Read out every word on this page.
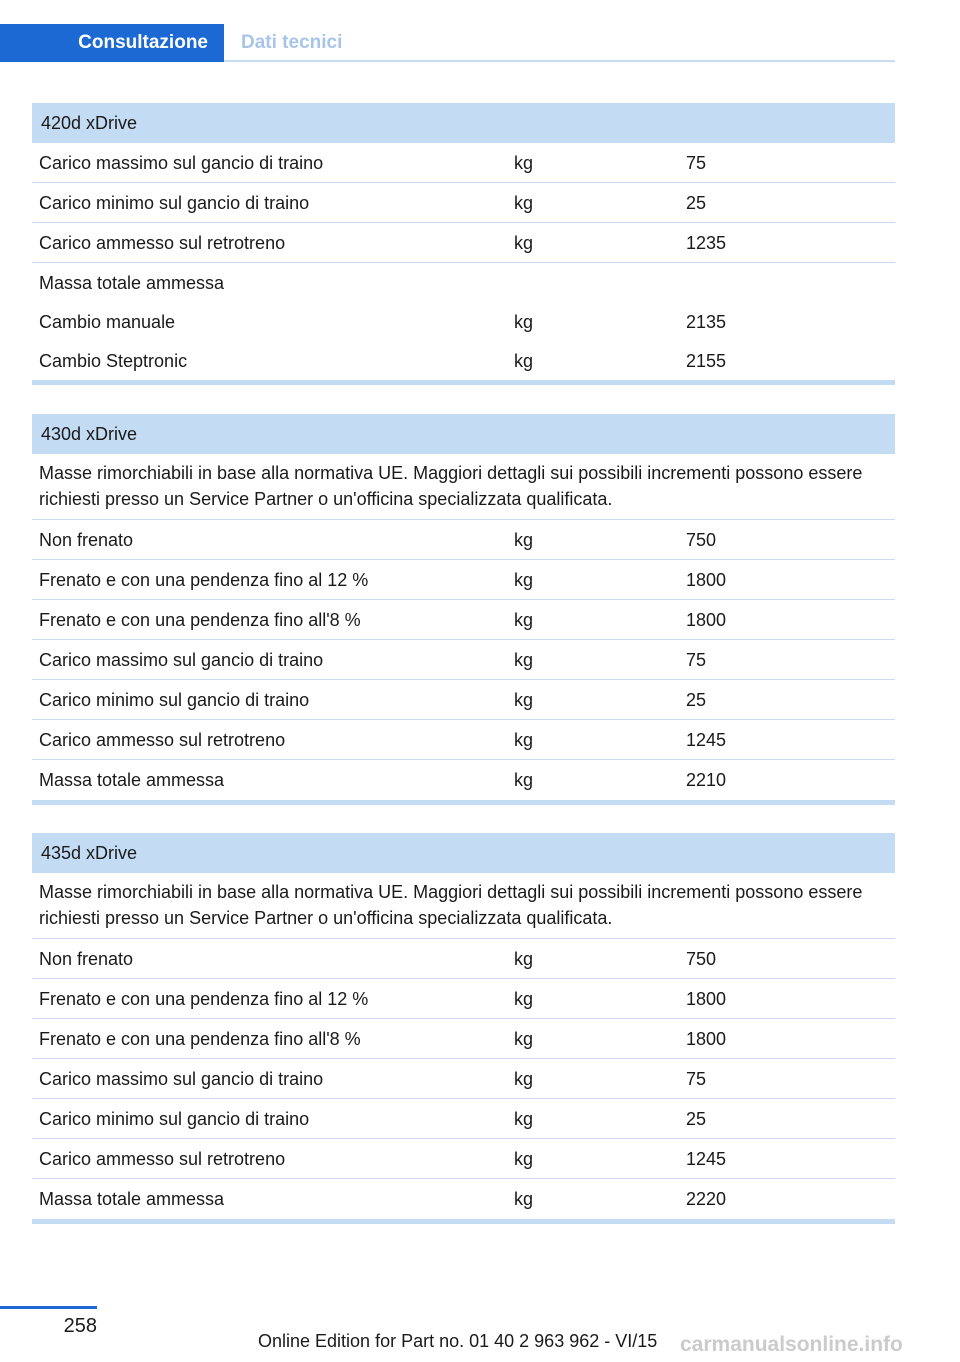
Consultazione	Dati tecnici
420d xDrive
Carico massimo sul gancio di traino	kg	75
Carico minimo sul gancio di traino	kg	25
Carico ammesso sul retrotreno	kg	1235
Massa totale ammessa
Cambio manuale	kg	2135
Cambio Steptronic	kg	2155
430d xDrive
Masse rimorchiabili in base alla normativa UE. Maggiori dettagli sui possibili incrementi possono essere richiesti presso un Service Partner o un'officina specializzata qualificata.
Non frenato	kg	750
Frenato e con una pendenza fino al 12 %	kg	1800
Frenato e con una pendenza fino all'8 %	kg	1800
Carico massimo sul gancio di traino	kg	75
Carico minimo sul gancio di traino	kg	25
Carico ammesso sul retrotreno	kg	1245
Massa totale ammessa	kg	2210
435d xDrive
Masse rimorchiabili in base alla normativa UE. Maggiori dettagli sui possibili incrementi possono essere richiesti presso un Service Partner o un'officina specializzata qualificata.
Non frenato	kg	750
Frenato e con una pendenza fino al 12 %	kg	1800
Frenato e con una pendenza fino all'8 %	kg	1800
Carico massimo sul gancio di traino	kg	75
Carico minimo sul gancio di traino	kg	25
Carico ammesso sul retrotreno	kg	1245
Massa totale ammessa	kg	2220
258
Online Edition for Part no. 01 40 2 963 962 - VI/15 carmanualsonline.info
